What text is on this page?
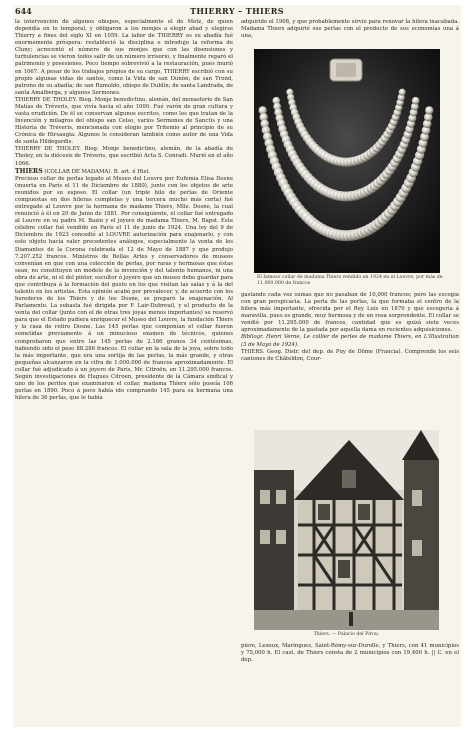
644	THIERRY – THIERS

la intervención de algunos obispos, especialmente el de Metz, de quien dependía en lo temporal, y obligaron a los monjes a elegir abad y elegirse Thierry a fines del siglo XI en 1059. La labor de THIERRY es su abadía fué enormemente próspera: restableció la disciplina e introdujo la reforma de Cluny; acrecentó el número de sus monjes que con las disensiones y turbulencias se vieron todos salir de un número irrisorio, y finalmente reparó el patrimonio y posesiones. Poco tiempo sobrevivió a la restauración, pues murió en 1067. A pesar de los trabajos propios de su cargo, THIERRY escribió con su propio algunas vidas de santos, como la Vida de san Dunón; de san Trond, patrono de su abadía; de san Rumoldo, obispo de Dublín; de santa Landrada, de santa Amalberga, y algunos Sermones.

THIERRY DE THOLEY. Biog. Monje benedictino, alemán, del monasterio de San Matías de Tréveris, que vivía hacia el año 1000. Fué varón de gran cultura y vasta erudición. De él se conservan algunos escritos, como los que tratan de la Invención y milagros del obispo san Celso, varios Sermones de Sanctis y una Historia de Tréveris, mencionada con elogio por Tritemio al principio de su Crónica de Hirsaugia. Algunos le consideran también como autor de una Vida de santa Hildegardis.

THIERRY DE THOLEY. Biog. Monje benedictino, alemán, de la abadía de Tholey, en la diócesis de Tréveris, que escribió Acta S. Conradi. Murió en el año 1066.

THIERS (COLLAR DE MADAMA). B. art. é Hist.

Precioso collar de perlas legado al Museo del Louvre por Eufemia Elisa Dosne (muerta en París el 11 de Diciembre de 1880), junto con los objetos de arte reunidos por su esposo. El collar (un triple hilo de perlas de Oriente compuestas en dos hileras completas y una tercera mucho más corta) fué entregado al Louvre por la hermana de madame Thiers, Mlle. Dosne, la cual renunció á él en 20 de Junio de 1881. Por consiguiente, el collar fué entregado al Louvre en su padre M. Bazin y el joyero de madama Thiers, M. Bapst. Este célebre collar fué vendido en París el 11 de junio de 1924. Una ley del 9 de Diciembre de 1923 concedió al LOUVRE autorización para enajenarlo, y con este objeto hacía valer precedentes análogos, especialmente la venta de los Diamantes de la Corona celebrada el 12 de Mayo de 1887 y que produjo 7.207.252 francos. Ministros de Bellas Artes y conservadores de museos convenían en que con una colección de perlas, por raras y hermosas que éstas sean, no constituyen un modelo de la invención y del talento humanos, ni una obra de arte, ni el del pintor, escultor ó joyero que un museo debe guardar para que contribuya á la formación del gusto en los que visitan las salas y á la del talento en los artistas. Esta opinión acabó por prevalecer, y, de acuerdo con los herederos de los Thiers y de los Dosne, se preparó la enajenación. Al Parlamento. La subasta fué dirigida por F. Lair-Dubreuil, y el producto de la venta del collar (junto con el de otras tres joyas menos importantes) se reservó para que el Estado pudiera enriquecer el Museo del Louvre, la fundación Thiers y la casa de retiro Dosne. Las 145 perlas que componían el collar fueron sometidas previamente á un minucioso examen de técnicos, quienes comprobaron que entre las 145 perlas de 2.186 granos 34 centésimas, habiendo sido el peso 88.286 francos. El collar en la sala de la joya, sobre todo la más importante, que era una sortija de las perlas, la más grande, y otras pequeñas alcanzaron en la cifra de 1.000.000 de francos aproximadamente. El collar fué adjudicado á un joyero de París, Mr. Citroën, en 11.295.000 francos. Según investigaciones de Hugues Citroen, presidente de la Cámara sindical y uno de los peritos que examinaron el collar, madama Thiers sólo poseía 106 perlas en 1890. Poco á poco había ido comprando 145 para su hermana una hilera de 36 perlas, que le había

adquirido el 1908, y que probablemente sirvió para renovar la hilera inacabada. Madama Thiers adquirió sus perlas con el producto de sus economías una á una,

El famoso collar de madama Thiers vendido en 1924 en el Louvre, por más de 11.000.000 de francos

gastando cada vez sumas que no pasaban de 10,000 francos; pero las escogía con gran perspicacia. La perla de las perlas, la que formaba el centro de la hilera más importante, ofrecida por el Rey Luis en 1870 y que escogería á maravilla, pues es grande, muy hermosa y de un rosa sorprendente. El collar se vendió por 11.295.000 de francos, cantidad que es quizá siete veces aproximadamente de la gastada por aquella dama en recientes adquisiciones.

Bibliogr. Henri Verne, Le collier de perles de madame Thiers, en L'Illustration (3 de Mayo de 1924).

THIERS. Geog. Distr. del dep. de Puy de Dôme (Francia). Comprende los seis cantones de Châteldon, Cour-

Thiers. — Palacio del Pirou.

pière, Lezoux, Maringues, Saint-Rémy-sur-Durolle, y Thiers, con 41 municipios y 75,000 h. El cast. de Thiers consta de 2 municipios con 19,400 h. || C. en el dep.
